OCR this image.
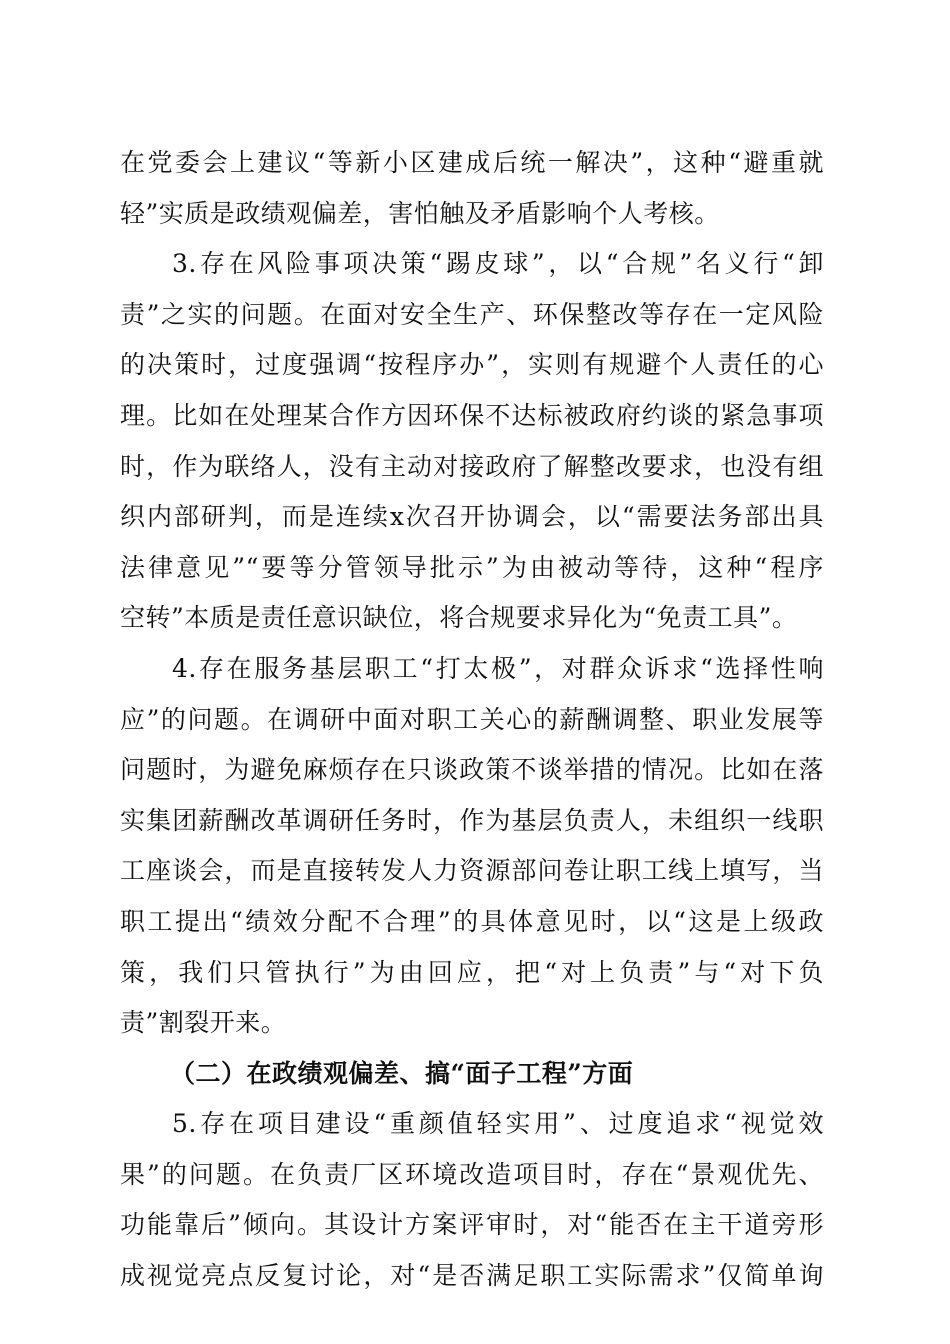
在党委会上建议“等新小区建成后统一解决”，这种“避重就
轻”实质是政绩观偏差，害怕触及矛盾影响个人考核。
3.存在风险事项决策“踢皮球”，以“合规”名义行“卸
责”之实的问题。在面对安全生产、环保整改等存在一定风险
的决策时，过度强调“按程序办”，实则有规避个人责任的心
理。比如在处理某合作方因环保不达标被政府约谈的紧急事项
时，作为联络人，没有主动对接政府了解整改要求，也没有组
织内部研判，而是连续x次召开协调会，以“需要法务部出具
法律意见”“要等分管领导批示”为由被动等待，这种“程序
空转”本质是责任意识缺位，将合规要求异化为“免责工具”。
4.存在服务基层职工“打太极”，对群众诉求“选择性响
应”的问题。在调研中面对职工关心的薪酬调整、职业发展等
问题时，为避免麻烦存在只谈政策不谈举措的情况。比如在落
实集团薪酬改革调研任务时，作为基层负责人，未组织一线职
工座谈会，而是直接转发人力资源部问卷让职工线上填写，当
职工提出“绩效分配不合理”的具体意见时，以“这是上级政
策，我们只管执行”为由回应，把“对上负责”与“对下负
责”割裂开来。
（二）在政绩观偏差、搞“面子工程”方面
5.存在项目建设“重颜值轻实用”、过度追求“视觉效
果”的问题。在负责厂区环境改造项目时，存在“景观优先、
功能靠后”倾向。其设计方案评审时，对“能否在主干道旁形
成视觉亮点反复讨论，对“是否满足职工实际需求”仅简单询
